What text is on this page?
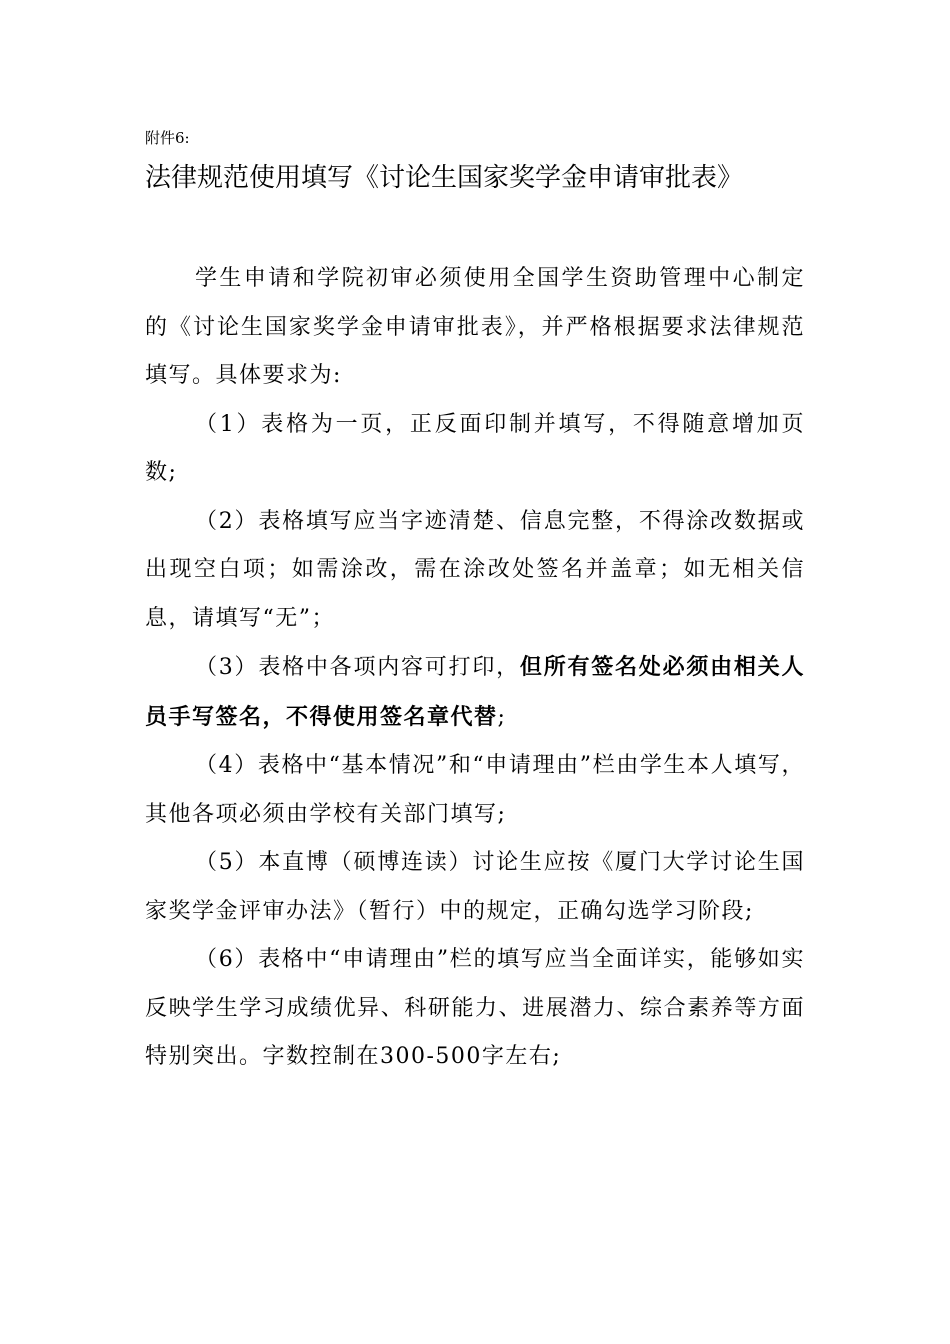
附件6:
法律规范使用填写《讨论生国家奖学金申请审批表》

学生申请和学院初审必须使用全国学生资助管理中心制定的《讨论生国家奖学金申请审批表》，并严格根据要求法律规范填写。具体要求为:

（1）表格为一页，正反面印制并填写，不得随意增加页数;

（2）表格填写应当字迹清楚、信息完整，不得涂改数据或出现空白项；如需涂改，需在涂改处签名并盖章；如无相关信息，请填写“无”；

（3）表格中各项内容可打印，但所有签名处必须由相关人员手写签名，不得使用签名章代替;

（4）表格中“基本情况”和“申请理由”栏由学生本人填写，其他各项必须由学校有关部门填写;

（5）本直博（硕博连读）讨论生应按《厦门大学讨论生国家奖学金评审办法》（暂行）中的规定，正确勾选学习阶段;

（6）表格中“申请理由”栏的填写应当全面详实，能够如实反映学生学习成绩优异、科研能力、进展潜力、综合素养等方面特别突出。字数控制在300-500字左右;
